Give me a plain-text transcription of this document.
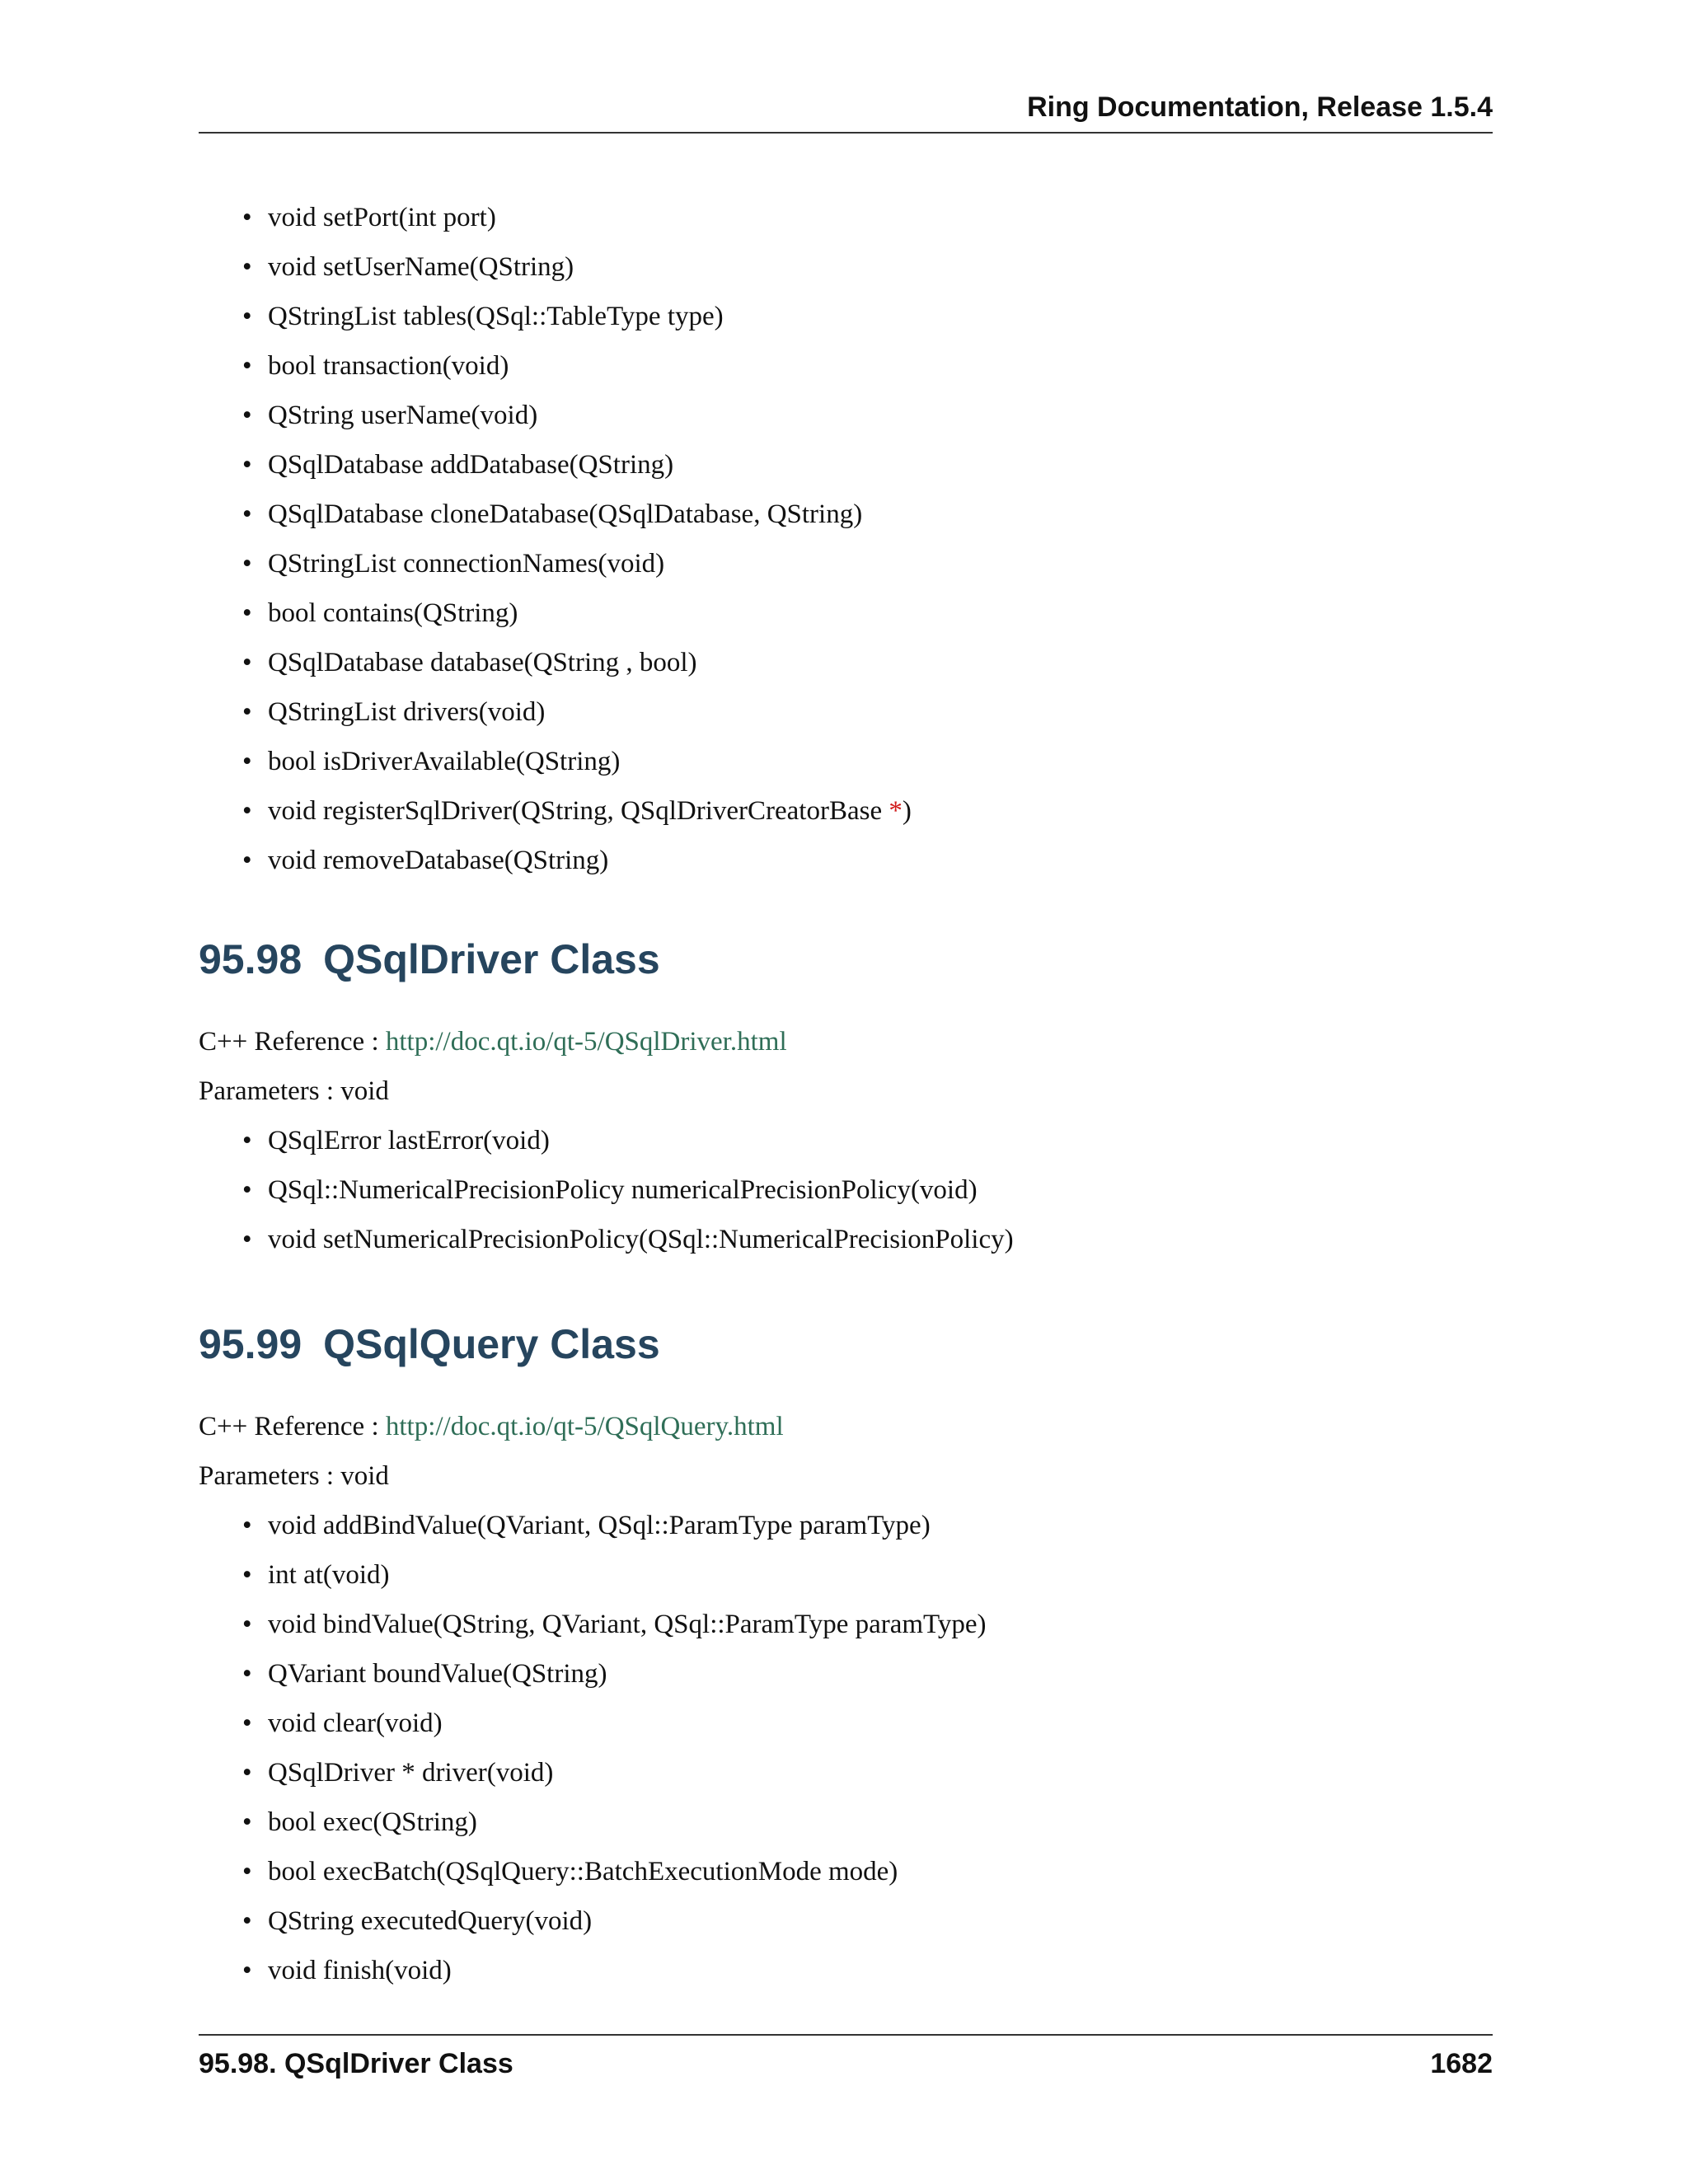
Ring Documentation, Release 1.5.4
• void setPort(int port)
• void setUserName(QString)
• QStringList tables(QSql::TableType type)
• bool transaction(void)
• QString userName(void)
• QSqlDatabase addDatabase(QString)
• QSqlDatabase cloneDatabase(QSqlDatabase, QString)
• QStringList connectionNames(void)
• bool contains(QString)
• QSqlDatabase database(QString , bool)
• QStringList drivers(void)
• bool isDriverAvailable(QString)
• void registerSqlDriver(QString, QSqlDriverCreatorBase *)
• void removeDatabase(QString)
95.98 QSqlDriver Class
C++ Reference : http://doc.qt.io/qt-5/QSqlDriver.html
Parameters : void
• QSqlError lastError(void)
• QSql::NumericalPrecisionPolicy numericalPrecisionPolicy(void)
• void setNumericalPrecisionPolicy(QSql::NumericalPrecisionPolicy)
95.99 QSqlQuery Class
C++ Reference : http://doc.qt.io/qt-5/QSqlQuery.html
Parameters : void
• void addBindValue(QVariant, QSql::ParamType paramType)
• int at(void)
• void bindValue(QString, QVariant, QSql::ParamType paramType)
• QVariant boundValue(QString)
• void clear(void)
• QSqlDriver * driver(void)
• bool exec(QString)
• bool execBatch(QSqlQuery::BatchExecutionMode mode)
• QString executedQuery(void)
• void finish(void)
95.98. QSqlDriver Class	1682
